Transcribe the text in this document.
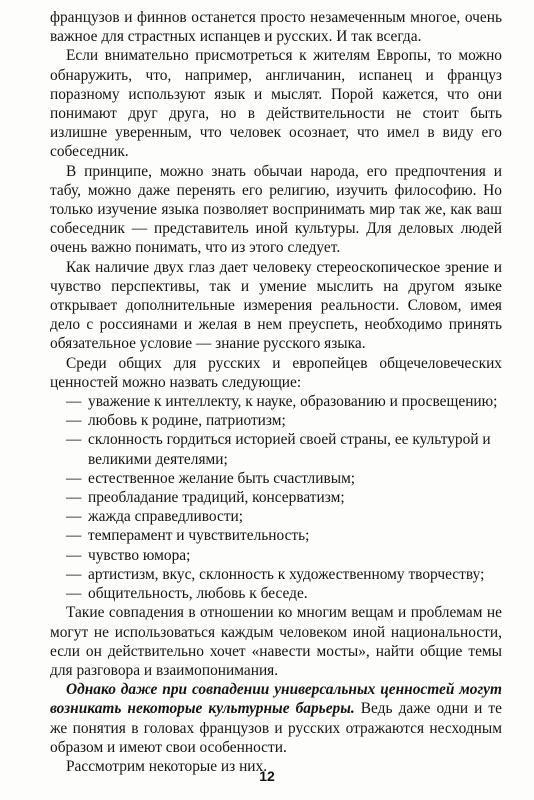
французов и финнов останется просто незамеченным многое, очень важное для страстных испанцев и русских. И так всегда.

Если внимательно присмотреться к жителям Европы, то можно обнаружить, что, например, англичанин, испанец и француз поразному используют язык и мыслят. Порой кажется, что они понимают друг друга, но в действительности не стоит быть излишне уверенным, что человек осознает, что имел в виду его собеседник.

В принципе, можно знать обычаи народа, его предпочтения и табу, можно даже перенять его религию, изучить философию. Но только изучение языка позволяет воспринимать мир так же, как ваш собеседник — представитель иной культуры. Для деловых людей очень важно понимать, что из этого следует.

Как наличие двух глаз дает человеку стереоскопическое зрение и чувство перспективы, так и умение мыслить на другом языке открывает дополнительные измерения реальности. Словом, имея дело с россиянами и желая в нем преуспеть, необходимо принять обязательное условие — знание русского языка.

Среди общих для русских и европейцев общечеловеческих ценностей можно назвать следующие:

— уважение к интеллекту, к науке, образованию и просвещению;
— любовь к родине, патриотизм;
— склонность гордиться историей своей страны, ее культурой и великими деятелями;
— естественное желание быть счастливым;
— преобладание традиций, консерватизм;
— жажда справедливости;
— темперамент и чувствительность;
— чувство юмора;
— артистизм, вкус, склонность к художественному творчеству;
— общительность, любовь к беседе.

Такие совпадения в отношении ко многим вещам и проблемам не могут не использоваться каждым человеком иной национальности, если он действительно хочет «навести мосты», найти общие темы для разговора и взаимопонимания.

Однако даже при совпадении универсальных ценностей могут возникать некоторые культурные барьеры. Ведь даже одни и те же понятия в головах французов и русских отражаются несходным образом и имеют свои особенности.

Рассмотрим некоторые из них.

12
